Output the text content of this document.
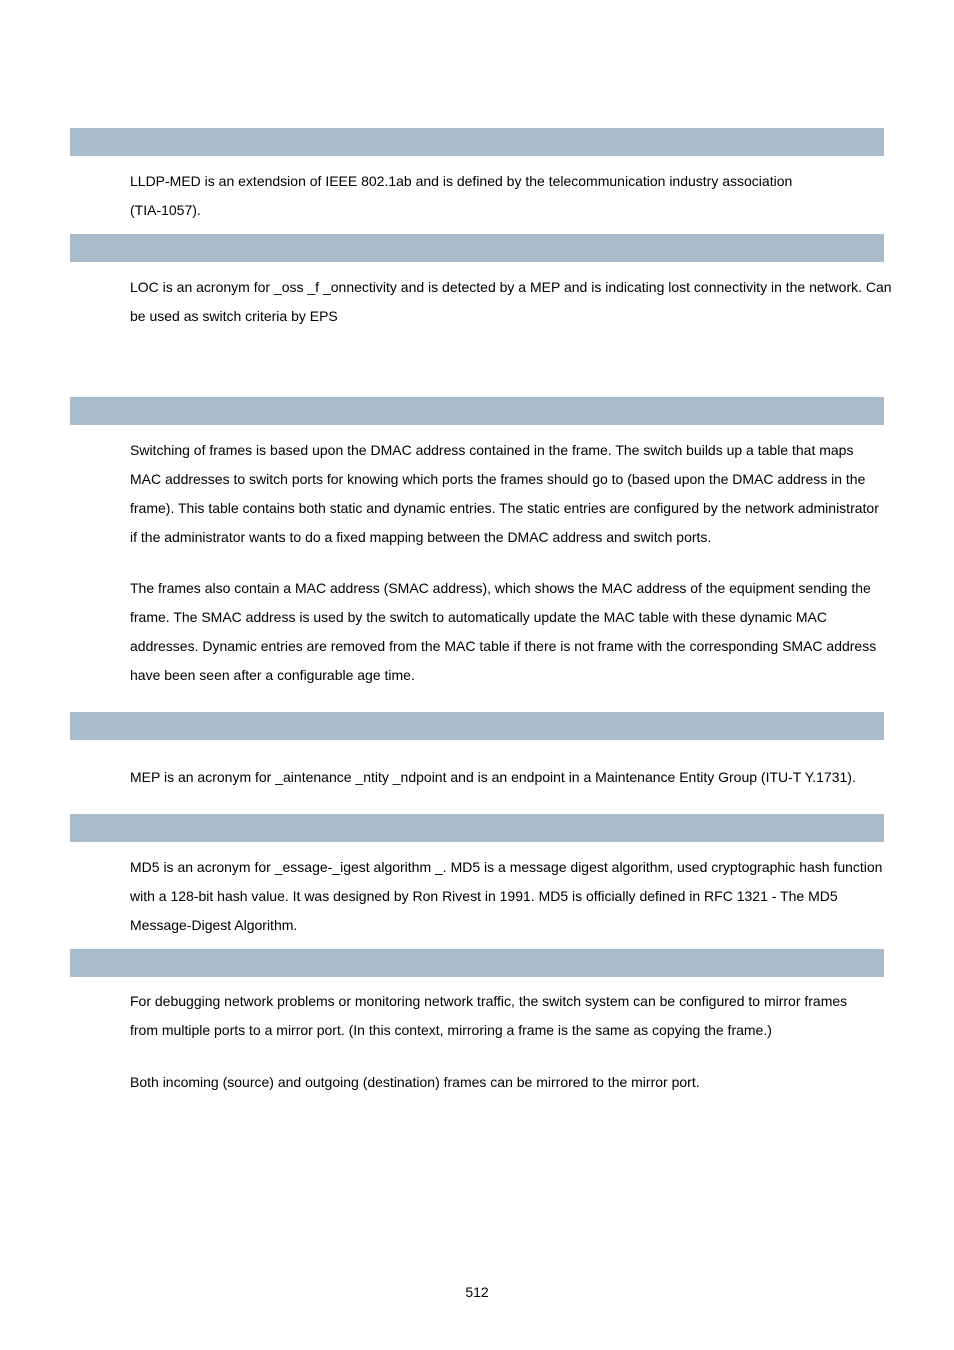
LLDP-MED is an extendsion of IEEE 802.1ab and is defined by the telecommunication industry association (TIA-1057).

LOC is an acronym for _oss _f _onnectivity and is detected by a MEP and is indicating lost connectivity in the network. Can be used as switch criteria by EPS

Switching of frames is based upon the DMAC address contained in the frame. The switch builds up a table that maps MAC addresses to switch ports for knowing which ports the frames should go to (based upon the DMAC address in the frame). This table contains both static and dynamic entries. The static entries are configured by the network administrator if the administrator wants to do a fixed mapping between the DMAC address and switch ports.

The frames also contain a MAC address (SMAC address), which shows the MAC address of the equipment sending the frame. The SMAC address is used by the switch to automatically update the MAC table with these dynamic MAC addresses. Dynamic entries are removed from the MAC table if there is not frame with the corresponding SMAC address have been seen after a configurable age time.

MEP is an acronym for _aintenance _ntity _ndpoint and is an endpoint in a Maintenance Entity Group (ITU-T Y.1731).

MD5 is an acronym for _essage-_igest algorithm _. MD5 is a message digest algorithm, used cryptographic hash function with a 128-bit hash value. It was designed by Ron Rivest in 1991. MD5 is officially defined in RFC 1321 - The MD5 Message-Digest Algorithm.

For debugging network problems or monitoring network traffic, the switch system can be configured to mirror frames from multiple ports to a mirror port. (In this context, mirroring a frame is the same as copying the frame.)

Both incoming (source) and outgoing (destination) frames can be mirrored to the mirror port.

512
